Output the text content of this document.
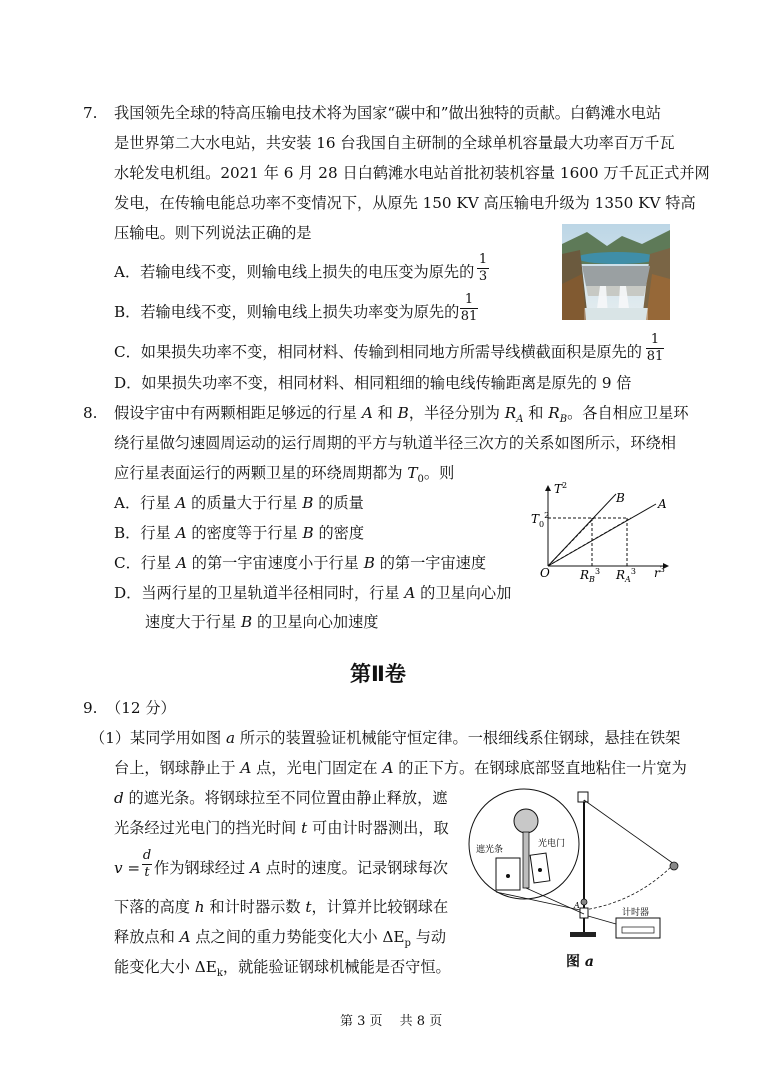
7. 我国领先全球的特高压输电技术将为国家“碳中和”做出独特的贡献。白鹤滩水电站
是世界第二大水电站，共安装 16 台我国自主研制的全球单机容量最大功率百万千瓦
水轮发电机组。2021 年 6 月 28 日白鹤滩水电站首批初装机容量 1600 万千瓦正式并网
发电，在传输电能总功率不变情况下，从原先 150 KV 高压输电升级为 1350 KV 特高
压输电。则下列说法正确的是
A．若输电线不变，则输电线上损失的电压变为原先的
1
3
B．若输电线不变，则输电线上损失功率变为原先的
1
81
C．如果损失功率不变，相同材料、传输到相同地方所需导线横截面积是原先的
1
81
D．如果损失功率不变，相同材料、相同粗细的输电线传输距离是原先的 9 倍
8. 假设宇宙中有两颗相距足够远的行星 A 和 B，半径分别为 $R_A$ 和 $R_B$。各自相应卫星环
绕行星做匀速圆周运动的运行周期的平方与轨道半径三次方的关系如图所示，环绕相
应行星表面运行的两颗卫星的环绕周期都为 $T_0$。则
A．行星 A 的质量大于行星 B 的质量
B．行星 A 的密度等于行星 B 的密度
C．行星 A 的第一宇宙速度小于行星 B 的第一宇宙速度
D．当两行星的卫星轨道半径相同时，行星 A 的卫星向心加
速度大于行星 B 的卫星向心加速度
$T^2$
$T_0^2$
O	$R_B^3$ $R_A^3$ $r^3$
B	A
第Ⅱ卷
9. （12 分）
（1）某同学用如图 a 所示的装置验证机械能守恒定律。一根细线系住钢球，悬挂在铁架
台上，钢球静止于 A 点，光电门固定在 A 的正下方。在钢球底部竖直地粘住一片宽为
d 的遮光条。将钢球拉至不同位置由静止释放，遮
光条经过光电门的挡光时间 t 可由计时器测出，取
v =
d
t 作为钢球经过 A 点时的速度。记录钢球每次
下落的高度 h 和计时器示数 t，计算并比较钢球在
释放点和 A 点之间的重力势能变化大小 $\Delta E_p$ 与动
能变化大小 $\Delta E_k$，就能验证钢球机械能是否守恒。
遮光条
光电门
A
计时器
图 a
第 3 页　 共 8 页
